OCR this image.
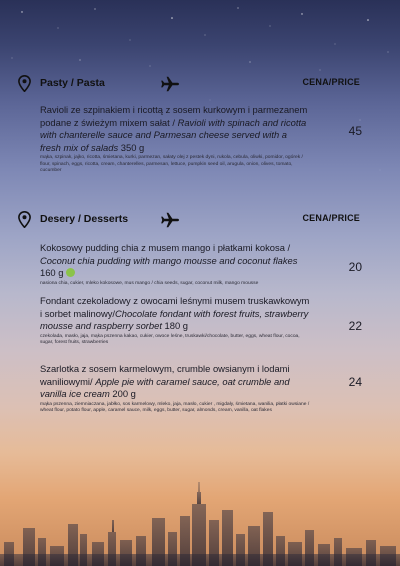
Pasty / Pasta	CENA/PRICE
Ravioli ze szpinakiem i ricottą z sosem kurkowym i parmezanem podane z świeżym mixem sałat / Ravioli with spinach and ricotta with chanterelle sauce and Parmesan cheese served with a fresh mix of salads 350 g
mąka, szpinak, jajko, ricotta, śmietana, kurki, parmezan, sałaty olej z pestek dyni, rukola, cebula, oliwki, pomidor, ogórek / flour, spinach, eggs, ricotta, cream, chanterelles, parmesan, lettuce, pumpkin seed oil, arugula, onion, olives, tomato, cucumber
45
Desery / Desserts	CENA/PRICE
Kokosowy pudding chia z musem mango i płatkami kokosa / Coconut chia pudding with mango mousse and coconut flakes 160 g
nasiona chia, cukier, mleko kokosowe, mus mango / chia seeds, sugar, coconut milk, mango mousse
20
Fondant czekoladowy z owocami leśnymi musem truskawkowym i sorbet malinowy/Chocolate fondant with forest fruits, strawberry mousse and raspberry sorbet 180 g
czekolada, masło, jaja, mąka pszenna kakao, cukier, owoce leśne, truskawki/chocolate, butter, eggs, wheat flour, cocoa, sugar, forest fruits, strawberries
22
Szarlotka z sosem karmelowym, crumble owsianym i lodami waniliowymi/ Apple pie with caramel sauce, oat crumble and vanilla ice cream 200 g
mąka pszenna, ziemniaczana, jabłko, sos karmelowy, mleko, jaja, masło, cukier , migdały, śmietana, wanilia, płatki owsiane / wheat flour, potato flour, apple, caramel sauce, milk, eggs, butter, sugar, almonds, cream, vanilla, oat flakes
24
